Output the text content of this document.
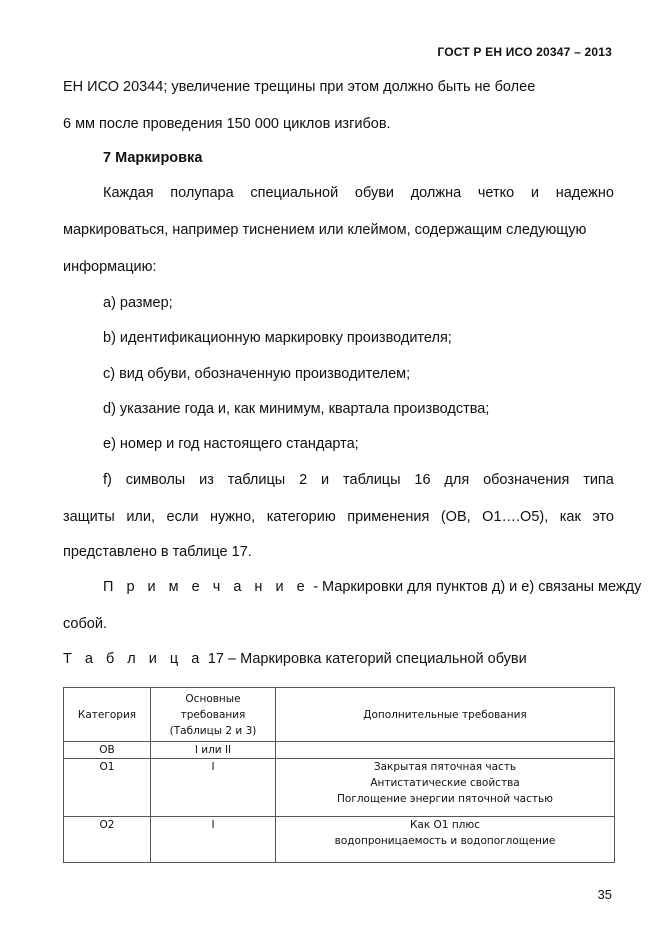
ГОСТ Р ЕН ИСО 20347 – 2013
ЕН ИСО 20344; увеличение трещины при этом должно быть не более
6 мм после проведения 150 000 циклов изгибов.
7 Маркировка
Каждая полупара специальной обуви должна четко и надежно
маркироваться, например тиснением или клеймом, содержащим следующую
информацию:
a) размер;
b) идентификационную маркировку производителя;
c) вид обуви, обозначенную производителем;
d) указание года и, как минимум, квартала производства;
e) номер и год настоящего стандарта;
f) символы из таблицы 2 и таблицы 16 для обозначения типа
защиты или, если нужно, категорию применения (ОВ, О1….О5), как это
представлено в таблице 17.
П р и м е ч а н и е - Маркировки для пунктов д) и е) связаны между
собой.
Т а б л и ц а 17 – Маркировка категорий специальной обуви
Категория	Основные требования (Таблицы 2 и 3)	Дополнительные требования
ОВ	I или II	
О1	I	Закрытая пяточная часть
Антистатические свойства
Поглощение энергии пяточной частью

О2	I	Как О1 плюс
водопроницаемость и водопоглощение
35
